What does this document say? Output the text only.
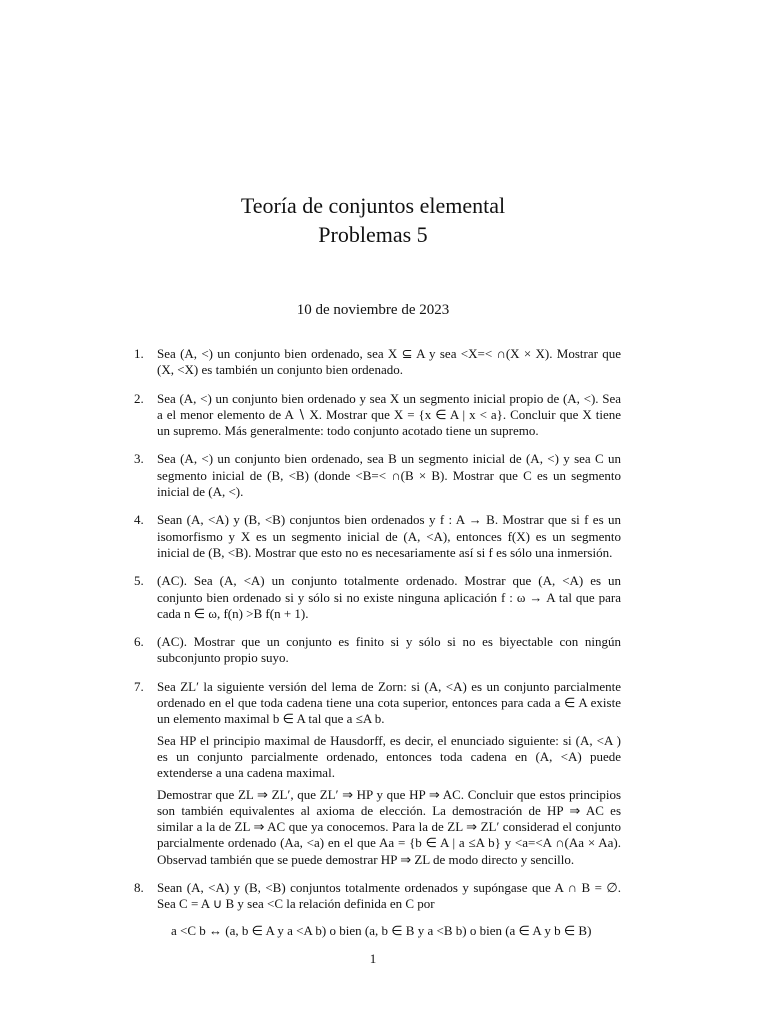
Teoría de conjuntos elemental
Problemas 5
10 de noviembre de 2023
1. Sea (A, <) un conjunto bien ordenado, sea X ⊆ A y sea <X=< ∩(X × X). Mostrar que (X, <X) es también un conjunto bien ordenado.

2. Sea (A, <) un conjunto bien ordenado y sea X un segmento inicial propio de (A, <). Sea a el menor elemento de A ∖ X. Mostrar que X = {x ∈ A | x < a}. Concluir que X tiene un supremo. Más generalmente: todo conjunto acotado tiene un supremo.

3. Sea (A, <) un conjunto bien ordenado, sea B un segmento inicial de (A, <) y sea C un segmento inicial de (B, <B) (donde <B=< ∩(B × B). Mostrar que C es un segmento inicial de (A, <).

4. Sean (A, <A) y (B, <B) conjuntos bien ordenados y f : A → B. Mostrar que si f es un isomorfismo y X es un segmento inicial de (A, <A), entonces f(X) es un segmento inicial de (B, <B). Mostrar que esto no es necesariamente así si f es sólo una inmersión.

5. (AC). Sea (A, <A) un conjunto totalmente ordenado. Mostrar que (A, <A) es un conjunto bien ordenado si y sólo si no existe ninguna aplicación f : ω → A tal que para cada n ∈ ω, f(n) >B f(n + 1).

6. (AC). Mostrar que un conjunto es finito si y sólo si no es biyectable con ningún subconjunto propio suyo.

7. Sea ZL′ la siguiente versión del lema de Zorn: si (A, <A) es un conjunto parcialmente ordenado en el que toda cadena tiene una cota superior, entonces para cada a ∈ A existe un elemento maximal b ∈ A tal que a ≤A b.

Sea HP el principio maximal de Hausdorff, es decir, el enunciado siguiente: si (A, <A ) es un conjunto parcialmente ordenado, entonces toda cadena en (A, <A) puede extenderse a una cadena maximal.

Demostrar que ZL ⇒ ZL′, que ZL′ ⇒ HP y que HP ⇒ AC. Concluir que estos principios son también equivalentes al axioma de elección. La demostración de HP ⇒ AC es similar a la de ZL ⇒ AC que ya conocemos. Para la de ZL ⇒ ZL′ considerad el conjunto parcialmente ordenado (Aa, <a) en el que Aa = {b ∈ A | a ≤A b} y <a=<A ∩(Aa × Aa). Observad también que se puede demostrar HP ⇒ ZL de modo directo y sencillo.

8. Sean (A, <A) y (B, <B) conjuntos totalmente ordenados y supóngase que A ∩ B = ∅. Sea C = A ∪ B y sea <C la relación definida en C por

a <C b ↔ (a, b ∈ A y a <A b) o bien (a, b ∈ B y a <B b) o bien (a ∈ A y b ∈ B)

1
